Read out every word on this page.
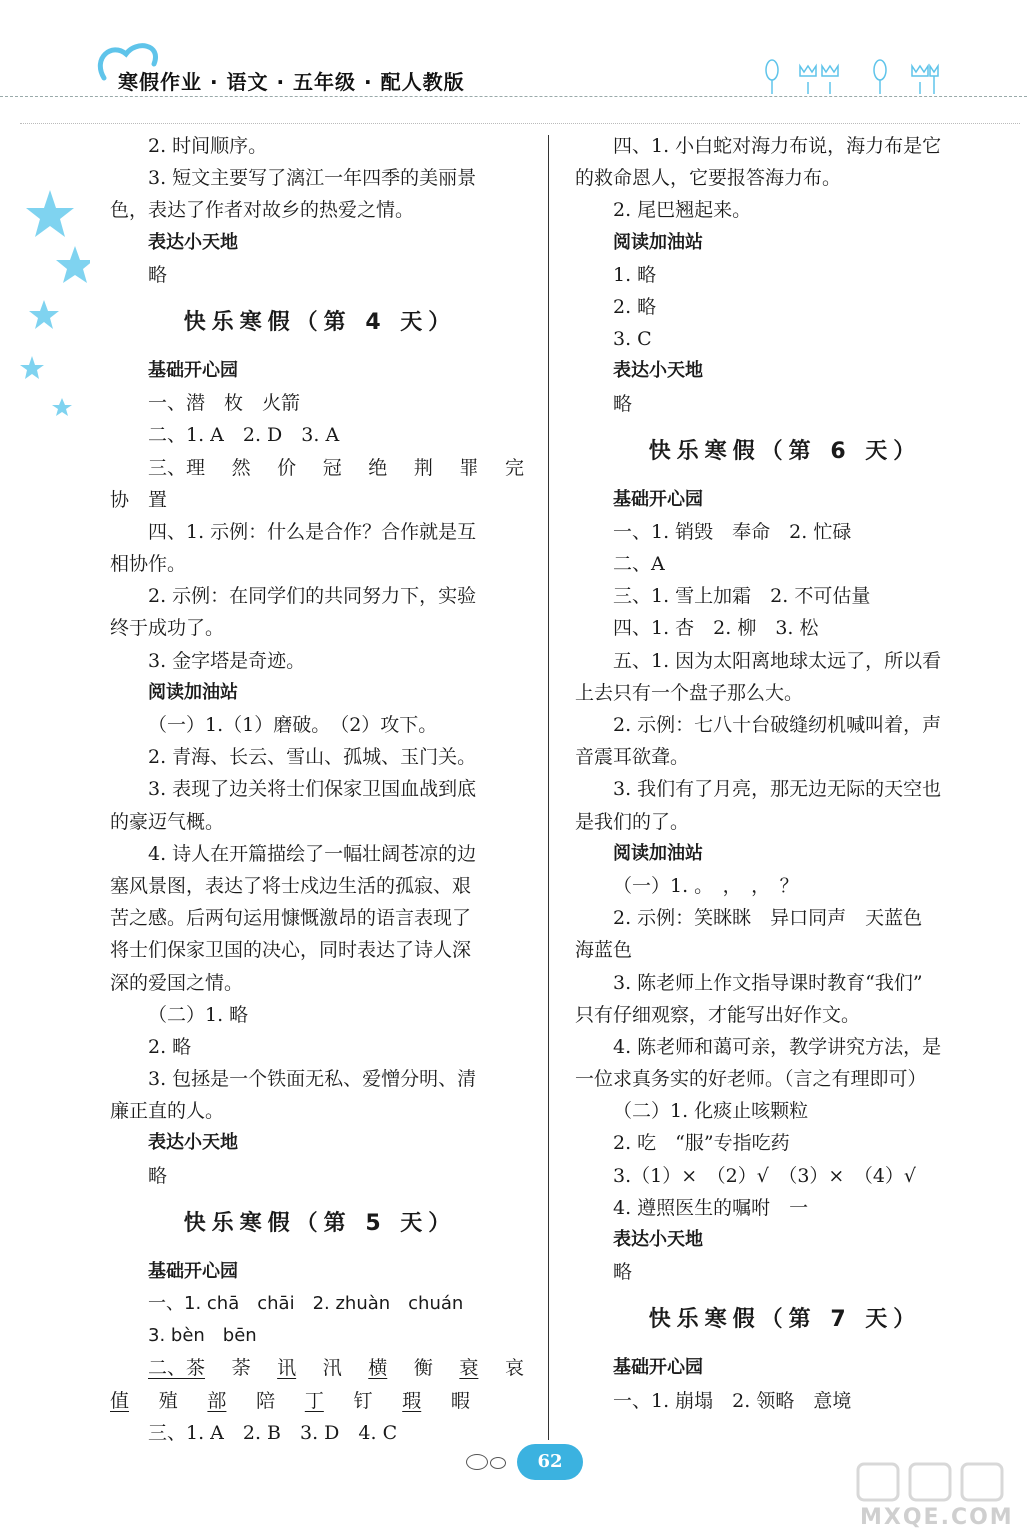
寒假作业 · 语文 · 五年级 · 配人教版
2. 时间顺序。
3. 短文主要写了漓江一年四季的美丽景
色，表达了作者对故乡的热爱之情。
表达小天地
略
快乐寒假（第 4 天）
基础开心园
一、潜　枚　火箭
二、1. A　2. D　3. A
三、理 然 价 冠 绝 荆 罪 完
协　置
四、1. 示例：什么是合作？合作就是互
相协作。
2. 示例：在同学们的共同努力下，实验
终于成功了。
3. 金字塔是奇迹。
阅读加油站
（一）1.（1）磨破。　（2）攻下。
2. 青海、长云、雪山、孤城、玉门关。
3. 表现了边关将士们保家卫国血战到底
的豪迈气概。
4. 诗人在开篇描绘了一幅壮阔苍凉的边
塞风景图，表达了将士戍边生活的孤寂、艰
苦之感。后两句运用慷慨激昂的语言表现了
将士们保家卫国的决心，同时表达了诗人深
深的爱国之情。
（二）1. 略
2. 略
3. 包拯是一个铁面无私、爱憎分明、清
廉正直的人。
表达小天地
略
快乐寒假（第 5 天）
基础开心园
一、1. chā　chāi　2. zhuàn　chuán
3. bèn　bēn
二、茶 荼 讯 汛 横 衡 衰 哀
值 殖 部 陪 丁 钉 瑕 暇
三、1. A　2. B　3. D　4. C
四、1. 小白蛇对海力布说，海力布是它
的救命恩人，它要报答海力布。
2. 尾巴翘起来。
阅读加油站
1. 略
2. 略
3. C
表达小天地
略
快乐寒假（第 6 天）
基础开心园
一、1. 销毁　奉命　2. 忙碌
二、A
三、1. 雪上加霜　2. 不可估量
四、1. 杏　2. 柳　3. 松
五、1. 因为太阳离地球太远了，所以看
上去只有一个盘子那么大。
2. 示例：七八十台破缝纫机喊叫着，声
音震耳欲聋。
3. 我们有了月亮，那无边无际的天空也
是我们的了。
阅读加油站
（一）1. 。　，　，　？
2. 示例：笑眯眯　异口同声　天蓝色
海蓝色
3. 陈老师上作文指导课时教育“我们”
只有仔细观察，才能写出好作文。
4. 陈老师和蔼可亲，教学讲究方法，是
一位求真务实的好老师。（言之有理即可）
（二）1. 化痰止咳颗粒
2. 吃　“服”专指吃药
3.（1）×　（2）√　（3）×　（4）√
4. 遵照医生的嘱咐　一
表达小天地
略
快乐寒假（第 7 天）
基础开心园
一、1. 崩塌　2. 领略　意境
62
MXQE.COM
